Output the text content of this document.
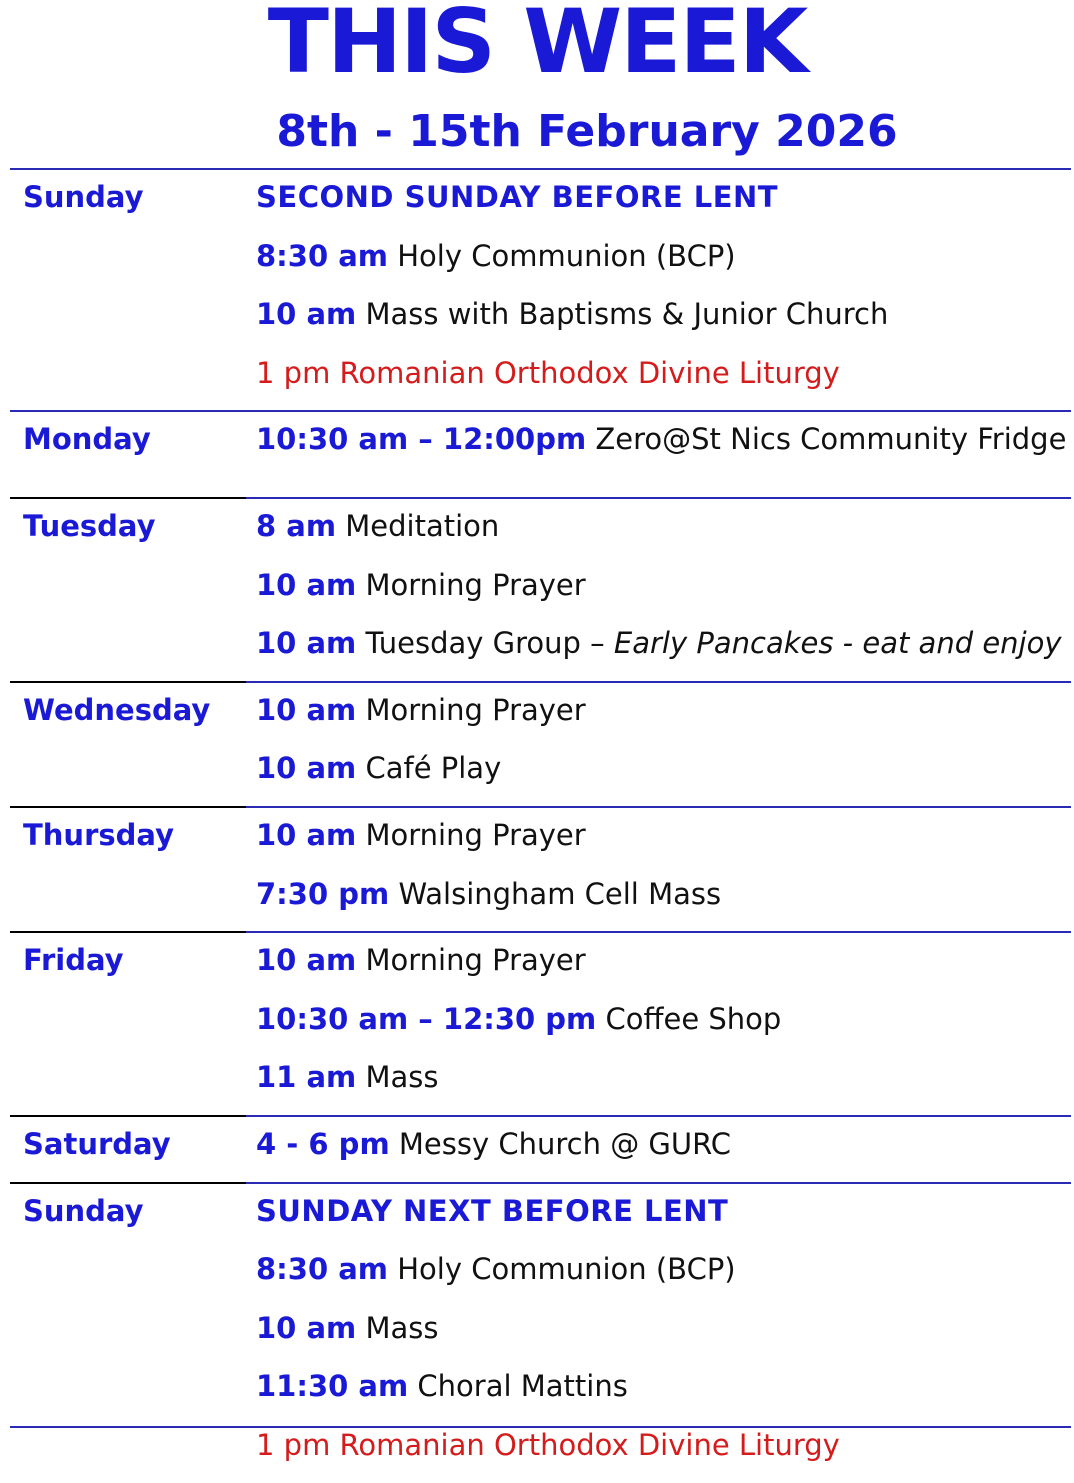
THIS WEEK
8th - 15th February 2026
Sunday	SECOND SUNDAY BEFORE LENT
8:30 am Holy Communion (BCP)
10 am Mass with Baptisms & Junior Church
1 pm Romanian Orthodox Divine Liturgy
Monday	10:30 am – 12:00pm Zero@St Nics Community Fridge
Tuesday	8 am Meditation
10 am Morning Prayer
10 am Tuesday Group – Early Pancakes - eat and enjoy
Wednesday 10 am Morning Prayer
10 am Café Play
Thursday	10 am Morning Prayer
7:30 pm Walsingham Cell Mass
Friday	10 am Morning Prayer
10:30 am – 12:30 pm Coffee Shop
11 am Mass
Saturday	4 - 6 pm Messy Church @ GURC
Sunday	SUNDAY NEXT BEFORE LENT
8:30 am Holy Communion (BCP)
10 am Mass
11:30 am Choral Mattins
1 pm Romanian Orthodox Divine Liturgy
